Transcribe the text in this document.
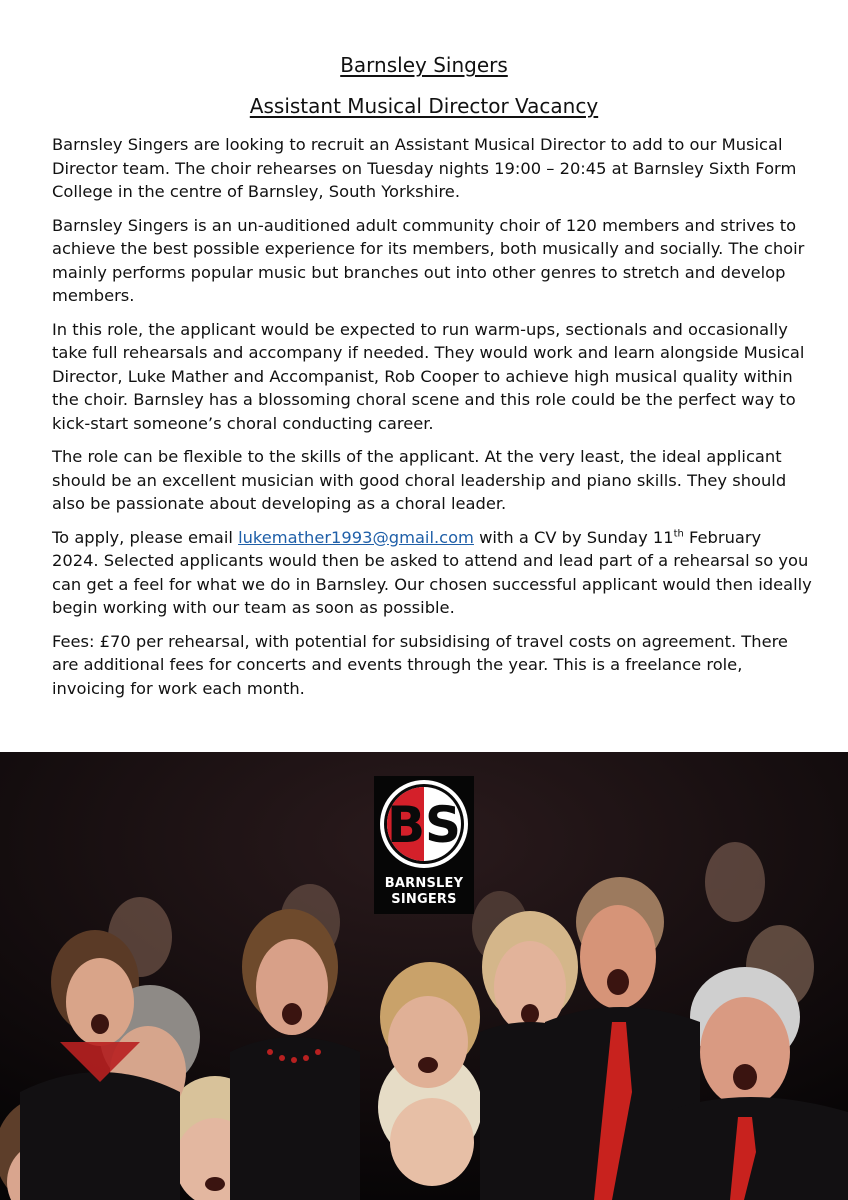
Barnsley Singers
Assistant Musical Director Vacancy

Barnsley Singers are looking to recruit an Assistant Musical Director to add to our Musical Director team. The choir rehearses on Tuesday nights 19:00 – 20:45 at Barnsley Sixth Form College in the centre of Barnsley, South Yorkshire.

Barnsley Singers is an un-auditioned adult community choir of 120 members and strives to achieve the best possible experience for its members, both musically and socially. The choir mainly performs popular music but branches out into other genres to stretch and develop members.

In this role, the applicant would be expected to run warm-ups, sectionals and occasionally take full rehearsals and accompany if needed. They would work and learn alongside Musical Director, Luke Mather and Accompanist, Rob Cooper to achieve high musical quality within the choir. Barnsley has a blossoming choral scene and this role could be the perfect way to kick-start someone’s choral conducting career.

The role can be flexible to the skills of the applicant. At the very least, the ideal applicant should be an excellent musician with good choral leadership and piano skills. They should also be passionate about developing as a choral leader.

To apply, please email lukemather1993@gmail.com with a CV by Sunday 11th February 2024. Selected applicants would then be asked to attend and lead part of a rehearsal so you can get a feel for what we do in Barnsley. Our chosen successful applicant would then ideally begin working with our team as soon as possible.

Fees: £70 per rehearsal, with potential for subsidising of travel costs on agreement. There are additional fees for concerts and events through the year. This is a freelance role, invoicing for work each month.

BS
BARNSLEY
SINGERS
